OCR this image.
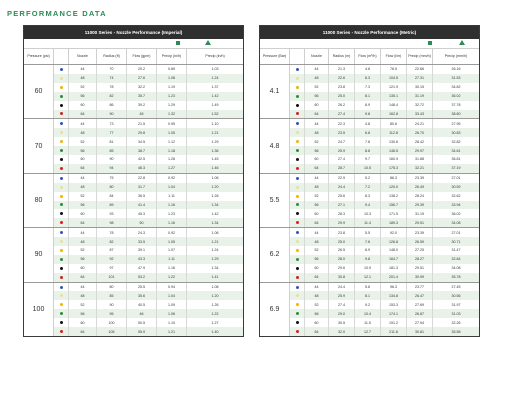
PERFORMANCE DATA
11000 Series - Nozzle Performance (Imperial)
Pressure (psi)	Nozzle	Radius (ft)	Flow (gpm)	Precip (in/h)	Precip (in/h)
60
44	70	20.2	0.89	1.03
48	74	27.6	1.08	1.24
52	78	32.2	1.19	1.37
56	82	35.7	1.23	1.42
60	86	39.2	1.29	1.49
64	90	45	1.32	1.52
70
44	73	21.5	0.95	1.10
48	77	29.8	1.05	1.21
52	81	34.5	1.12	1.29
56	85	38.7	1.18	1.36
60	90	42.5	1.26	1.45
64	94	46.3	1.27	1.46
80
44	75	22.8	0.92	1.06
48	80	31.7	1.04	1.20
52	84	36.5	1.11	1.28
56	89	41.4	1.16	1.34
60	93	45.3	1.23	1.42
64	98	50	1.16	1.34
90
44	78	24.3	0.92	1.06
48	82	33.5	1.05	1.21
52	87	39.1	1.07	1.24
56	92	43.3	1.11	1.29
60	97	47.9	1.16	1.34
64	101	53.2	1.22	1.41
100
44	80	25.5	0.94	1.08
48	85	35.6	1.04	1.20
52	90	40.5	1.09	1.26
56	95	46	1.06	1.22
60	100	50.5	1.10	1.27
64	105	55.9	1.21	1.40
11000 Series - Nozzle Performance (Metric)
Pressure (Bar)	Nozzle	Radius (m)	Flow (m³/h)	Flow (l/m)	Precip (mm/h)	Precip (mm/h)
4.1
44	21.3	4.6	76.5	22.66	26.16
48	22.6	6.3	104.5	27.31	31.53
52	23.8	7.3	121.9	30.15	34.82
56	25.0	8.1	135.1	31.19	36.02
60	26.2	8.9	148.4	32.72	37.78
64	27.4	9.8	162.8	33.43	38.60
4.8
44	22.3	4.8	80.6	24.21	27.95
48	23.5	6.8	112.8	26.70	30.83
52	24.7	7.8	130.6	28.42	32.82
56	25.9	8.8	146.5	29.97	34.61
60	27.4	9.7	160.9	31.88	36.81
64	28.7	10.5	175.3	32.21	37.19
5.5
44	22.9	5.2	86.3	23.39	27.01
48	24.4	7.2	120.0	26.49	30.59
52	25.6	8.3	138.2	28.24	32.62
56	27.1	9.4	156.7	29.39	33.94
60	28.3	10.3	171.5	31.19	36.02
64	29.9	11.4	189.3	29.51	34.08
6.2
44	23.8	5.5	92.0	23.39	27.01
48	25.0	7.6	126.8	26.59	30.71
52	26.5	8.9	148.0	27.25	31.47
56	28.0	9.8	164.7	28.27	32.64
60	29.6	10.9	181.3	29.51	34.08
64	30.8	12.1	201.4	30.99	35.78
6.9
44	24.4	5.8	96.3	23.77	27.45
48	25.9	8.1	134.8	26.47	30.56
52	27.4	9.2	153.3	27.69	31.97
56	29.0	10.4	174.1	26.87	31.03
60	30.5	11.5	191.2	27.94	32.26
64	32.0	12.7	211.6	30.81	35.58
